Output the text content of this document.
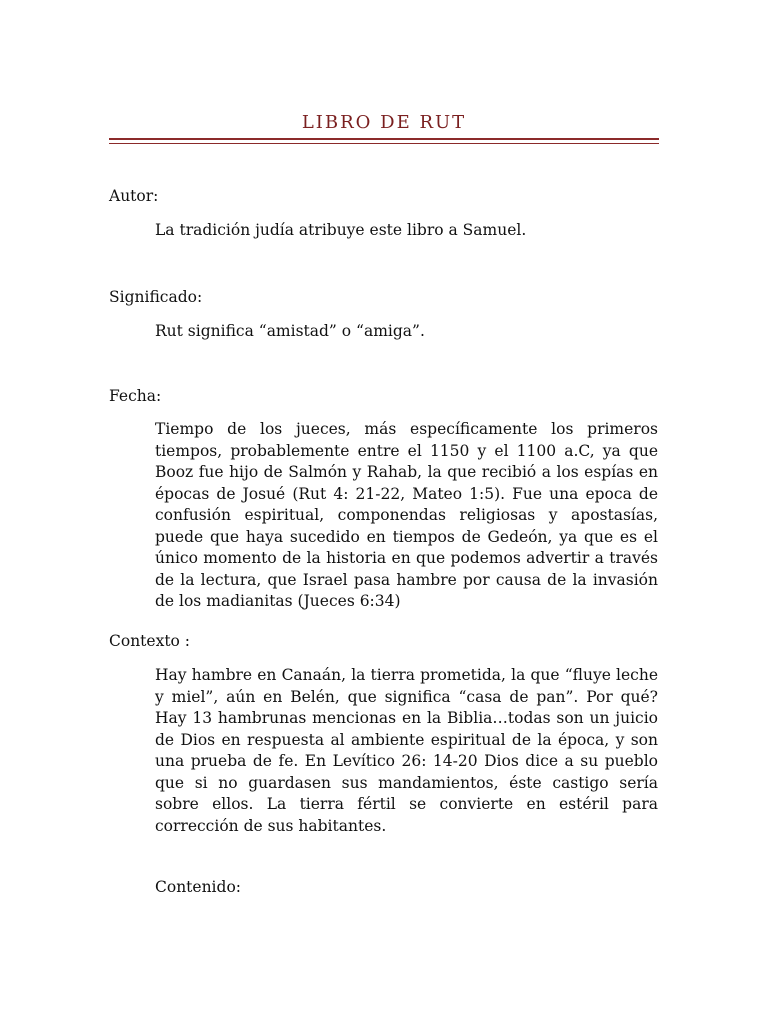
LIBRO DE RUT
Autor:
La tradición judía atribuye este libro a Samuel.
Significado:
Rut significa “amistad” o “amiga”.
Fecha:
Tiempo de los jueces, más específicamente los primeros tiempos, probablemente entre el 1150 y el 1100 a.C, ya que Booz fue hijo de Salmón y Rahab, la que recibió a los espías en épocas de Josué (Rut 4: 21-22, Mateo 1:5). Fue una epoca de confusión espiritual, componendas religiosas y apostasías, puede que haya sucedido en tiempos de Gedeón, ya que es el único momento de la historia en que podemos advertir a través de la lectura, que Israel pasa hambre por causa de la invasión de los madianitas (Jueces 6:34)
Contexto :
Hay hambre en Canaán, la tierra prometida, la que “fluye leche y miel”, aún en Belén, que significa “casa de pan”. Por qué? Hay 13 hambrunas mencionas en la Biblia…todas son un juicio de Dios en respuesta al ambiente espiritual de la época, y son una prueba de fe. En Levítico 26: 14-20 Dios dice a su pueblo que si no guardasen sus mandamientos, éste castigo sería sobre ellos. La tierra fértil se convierte en estéril para corrección de sus habitantes.
Contenido:
